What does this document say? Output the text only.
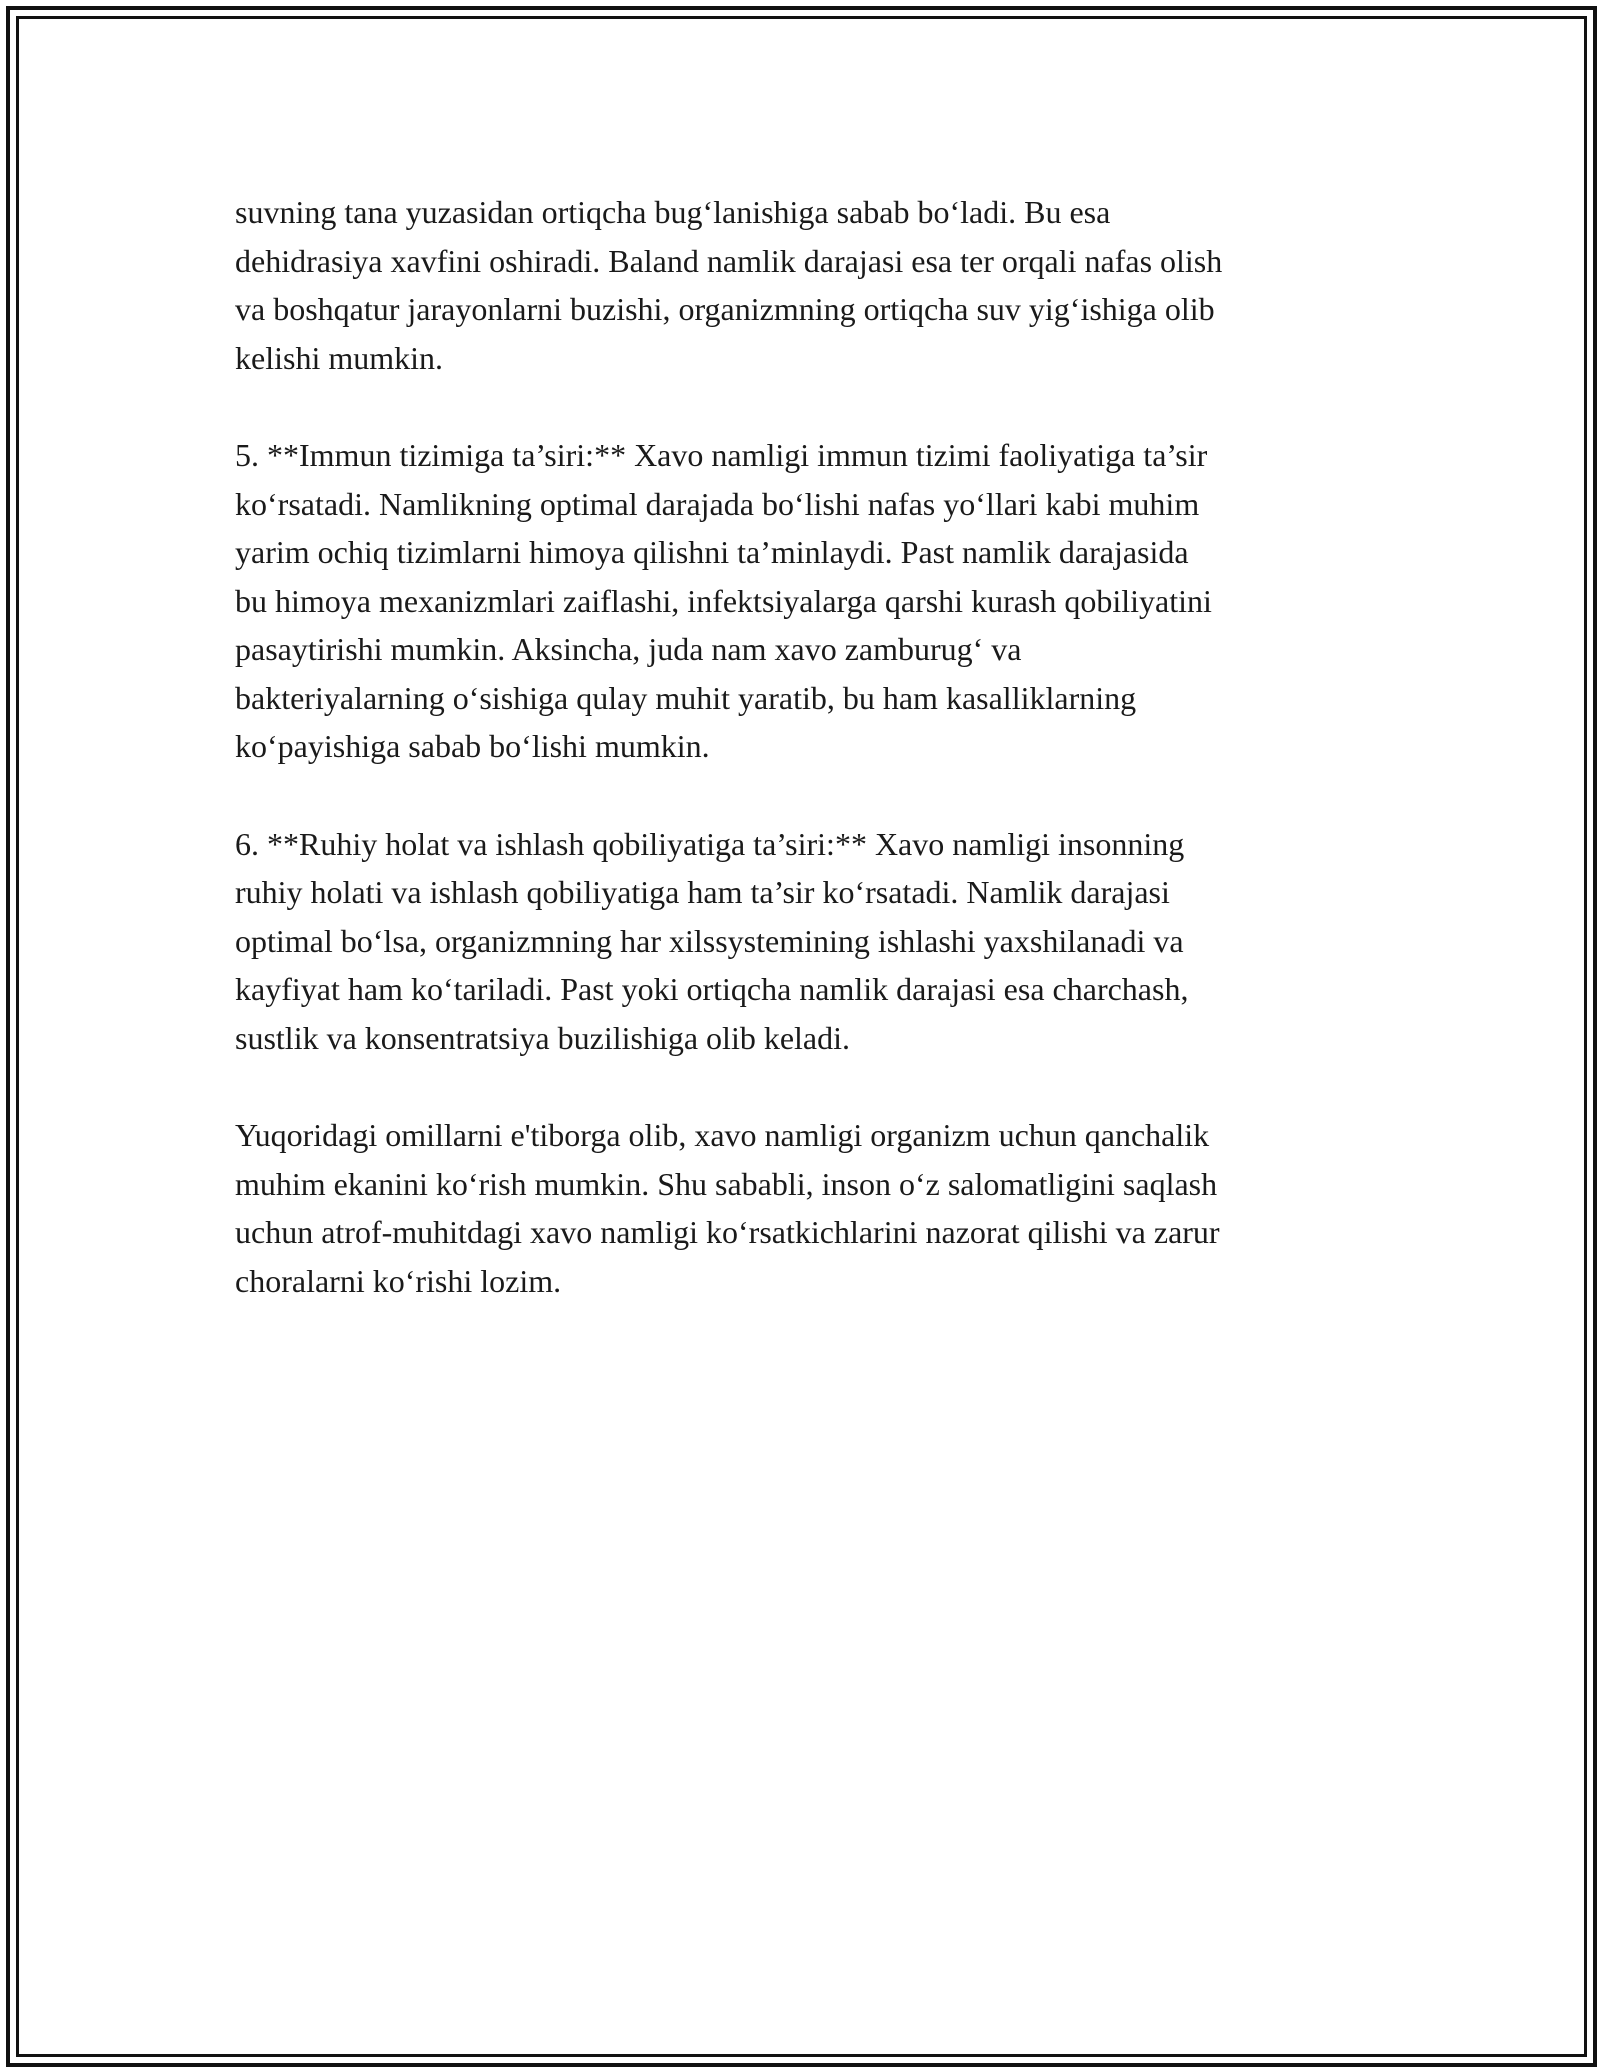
suvning tana yuzasidan ortiqcha bug‘lanishiga sabab bo‘ladi. Bu esa
dehidrasiya xavfini oshiradi. Baland namlik darajasi esa ter orqali nafas olish
va boshqatur jarayonlarni buzishi, organizmning ortiqcha suv yig‘ishiga olib
kelishi mumkin.

5. **Immun tizimiga ta’siri:** Xavo namligi immun tizimi faoliyatiga ta’sir
ko‘rsatadi. Namlikning optimal darajada bo‘lishi nafas yo‘llari kabi muhim
yarim ochiq tizimlarni himoya qilishni ta’minlaydi. Past namlik darajasida
bu himoya mexanizmlari zaiflashi, infektsiyalarga qarshi kurash qobiliyatini
pasaytirishi mumkin. Aksincha, juda nam xavo zamburug‘ va
bakteriyalarning o‘sishiga qulay muhit yaratib, bu ham kasalliklarning
ko‘payishiga sabab bo‘lishi mumkin.

6. **Ruhiy holat va ishlash qobiliyatiga ta’siri:** Xavo namligi insonning
ruhiy holati va ishlash qobiliyatiga ham ta’sir ko‘rsatadi. Namlik darajasi
optimal bo‘lsa, organizmning har xilssystemining ishlashi yaxshilanadi va
kayfiyat ham ko‘tariladi. Past yoki ortiqcha namlik darajasi esa charchash,
sustlik va konsentratsiya buzilishiga olib keladi.

Yuqoridagi omillarni e'tiborga olib, xavo namligi organizm uchun qanchalik
muhim ekanini ko‘rish mumkin. Shu sababli, inson o‘z salomatligini saqlash
uchun atrof-muhitdagi xavo namligi ko‘rsatkichlarini nazorat qilishi va zarur
choralarni ko‘rishi lozim.
